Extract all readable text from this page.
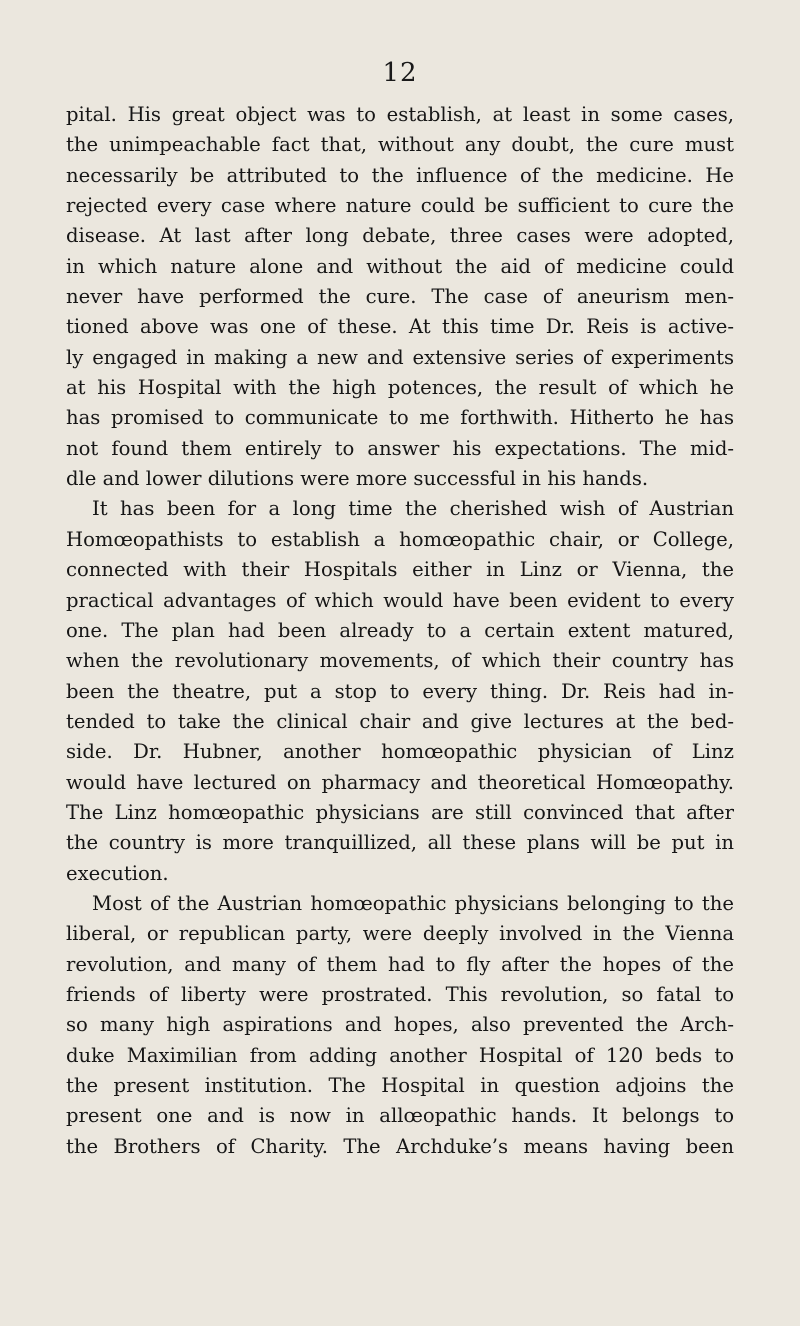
12
pital. His great object was to establish, at least in some cases,
the unimpeachable fact that, without any doubt, the cure must
necessarily be attributed to the influence of the medicine. He
rejected every case where nature could be sufficient to cure the
disease. At last after long debate, three cases were adopted,
in which nature alone and without the aid of medicine could
never have performed the cure. The case of aneurism men-
tioned above was one of these. At this time Dr. Reis is active-
ly engaged in making a new and extensive series of experiments
at his Hospital with the high potences, the result of which he
has promised to communicate to me forthwith. Hitherto he has
not found them entirely to answer his expectations. The mid-
dle and lower dilutions were more successful in his hands.
It has been for a long time the cherished wish of Austrian
Homœopathists to establish a homœopathic chair, or College,
connected with their Hospitals either in Linz or Vienna, the
practical advantages of which would have been evident to every
one. The plan had been already to a certain extent matured,
when the revolutionary movements, of which their country has
been the theatre, put a stop to every thing. Dr. Reis had in-
tended to take the clinical chair and give lectures at the bed-
side. Dr. Hubner, another homœopathic physician of Linz
would have lectured on pharmacy and theoretical Homœopathy.
The Linz homœopathic physicians are still convinced that after
the country is more tranquillized, all these plans will be put in
execution.
Most of the Austrian homœopathic physicians belonging to the
liberal, or republican party, were deeply involved in the Vienna
revolution, and many of them had to fly after the hopes of the
friends of liberty were prostrated. This revolution, so fatal to
so many high aspirations and hopes, also prevented the Arch-
duke Maximilian from adding another Hospital of 120 beds to
the present institution. The Hospital in question adjoins the
present one and is now in allœopathic hands. It belongs to
the Brothers of Charity. The Archduke’s means having been
